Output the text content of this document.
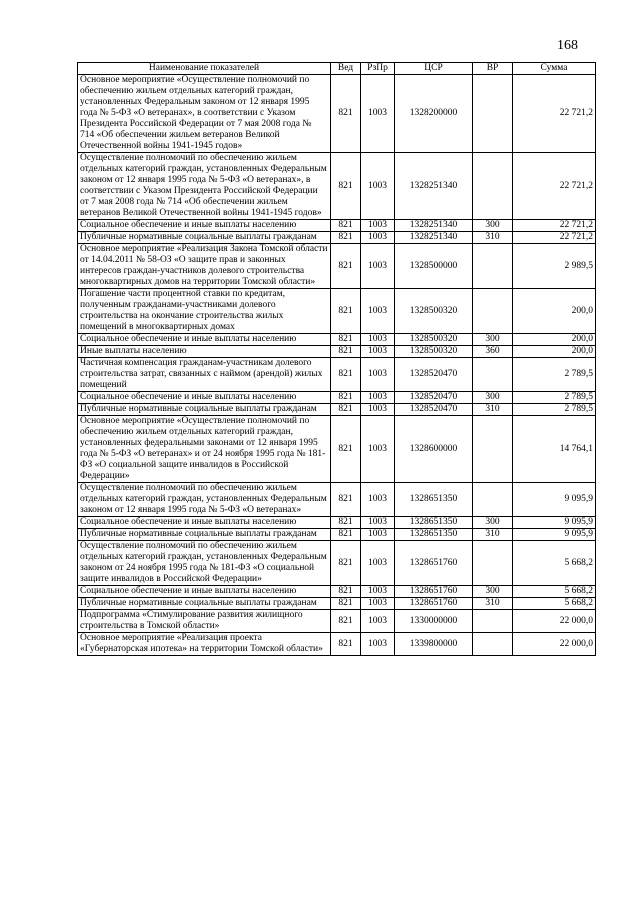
168
Наименование показателей	Вед	РзПр	ЦСР	ВР	Сумма
Основное мероприятие «Осуществление полномочий по обеспечению жильем отдельных категорий граждан, установленных Федеральным законом от 12 января 1995 года № 5-ФЗ «О ветеранах», в соответствии с Указом Президента Российской Федерации от 7 мая 2008 года № 714 «Об обеспечении жильем ветеранов Великой Отечественной войны 1941-1945 годов»	821	1003	1328200000		22 721,2
Осуществление полномочий по обеспечению жильем отдельных категорий граждан, установленных Федеральным законом от 12 января 1995 года № 5-ФЗ «О ветеранах», в соответствии с Указом Президента Российской Федерации от 7 мая 2008 года № 714 «Об обеспечении жильем ветеранов Великой Отечественной войны 1941-1945 годов»	821	1003	1328251340		22 721,2
Социальное обеспечение и иные выплаты населению	821	1003	1328251340	300	22 721,2
Публичные нормативные социальные выплаты гражданам	821	1003	1328251340	310	22 721,2
Основное мероприятие «Реализация Закона Томской области от 14.04.2011 № 58-ОЗ «О защите прав и законных интересов граждан-участников долевого строительства многоквартирных домов на территории Томской области»	821	1003	1328500000		2 989,5
Погашение части процентной ставки по кредитам, полученным гражданами-участниками долевого строительства на окончание строительства жилых помещений в многоквартирных домах	821	1003	1328500320		200,0
Социальное обеспечение и иные выплаты населению	821	1003	1328500320	300	200,0
Иные выплаты населению	821	1003	1328500320	360	200,0
Частичная компенсация гражданам-участникам долевого строительства затрат, связанных с наймом (арендой) жилых помещений	821	1003	1328520470		2 789,5
Социальное обеспечение и иные выплаты населению	821	1003	1328520470	300	2 789,5
Публичные нормативные социальные выплаты гражданам	821	1003	1328520470	310	2 789,5
Основное мероприятие «Осуществление полномочий по обеспечению жильем отдельных категорий граждан, установленных федеральными законами от 12 января 1995 года № 5-ФЗ «О ветеранах» и от 24 ноября 1995 года № 181-ФЗ «О социальной защите инвалидов в Российской Федерации»	821	1003	1328600000		14 764,1
Осуществление полномочий по обеспечению жильем отдельных категорий граждан, установленных Федеральным законом от 12 января 1995 года № 5-ФЗ «О ветеранах»	821	1003	1328651350		9 095,9
Социальное обеспечение и иные выплаты населению	821	1003	1328651350	300	9 095,9
Публичные нормативные социальные выплаты гражданам	821	1003	1328651350	310	9 095,9
Осуществление полномочий по обеспечению жильем отдельных категорий граждан, установленных Федеральным законом от 24 ноября 1995 года № 181-ФЗ «О социальной защите инвалидов в Российской Федерации»	821	1003	1328651760		5 668,2
Социальное обеспечение и иные выплаты населению	821	1003	1328651760	300	5 668,2
Публичные нормативные социальные выплаты гражданам	821	1003	1328651760	310	5 668,2
Подпрограмма «Стимулирование развития жилищного строительства в Томской области»	821	1003	1330000000		22 000,0
Основное мероприятие «Реализация проекта «Губернаторская ипотека» на территории Томской области»	821	1003	1339800000		22 000,0
